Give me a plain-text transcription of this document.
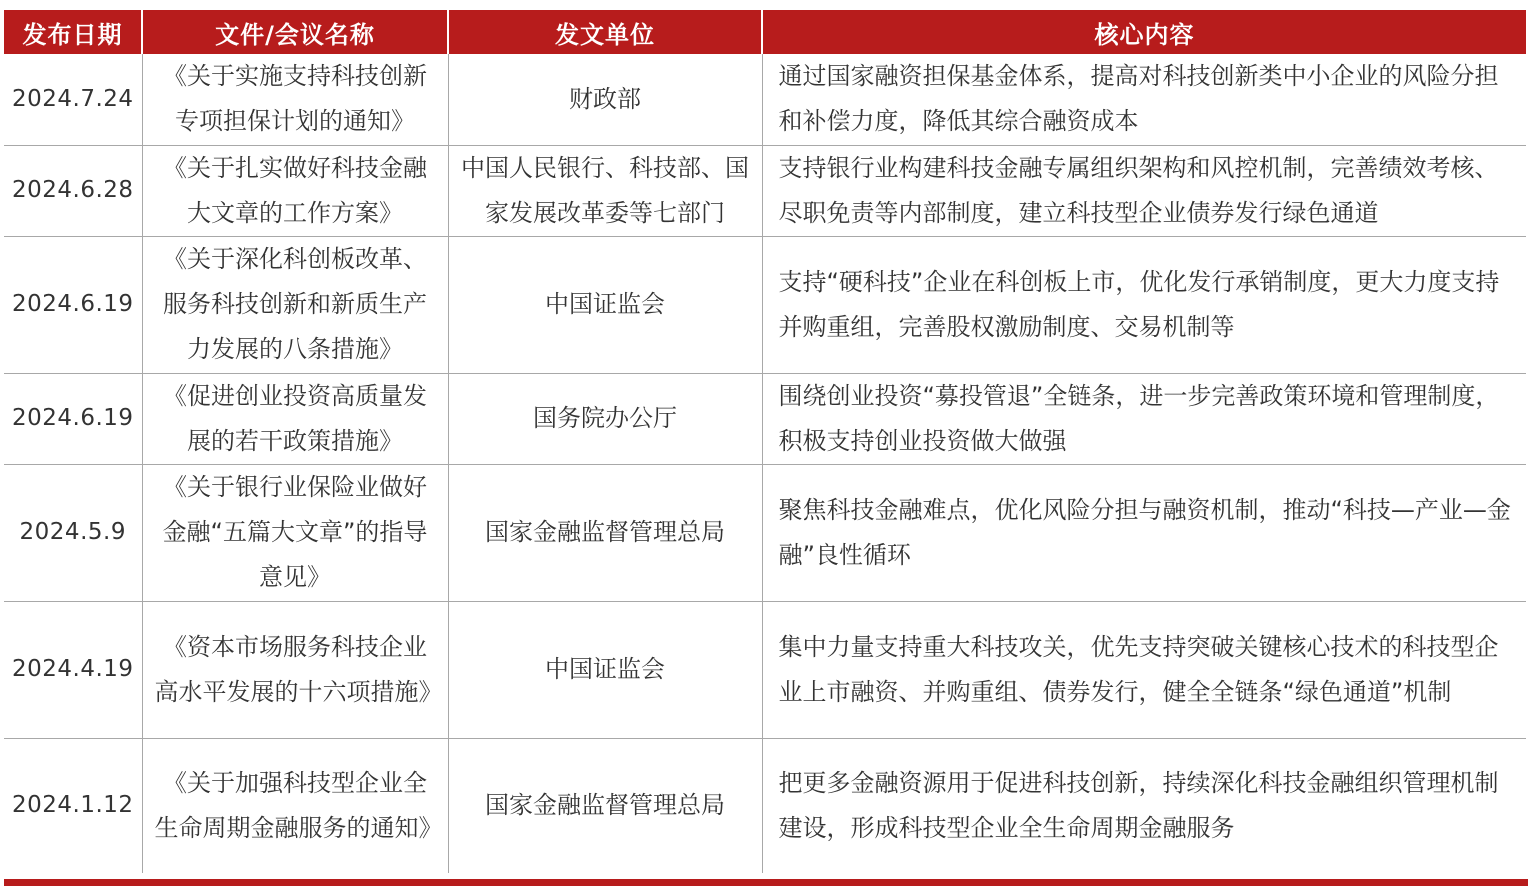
发布日期	文件/会议名称	发文单位	核心内容
2024.7.24	《关于实施支持科技创新专项担保计划的通知》	财政部	通过国家融资担保基金体系，提高对科技创新类中小企业的风险分担和补偿力度，降低其综合融资成本
2024.6.28	《关于扎实做好科技金融大文章的工作方案》	中国人民银行、科技部、国家发展改革委等七部门	支持银行业构建科技金融专属组织架构和风控机制，完善绩效考核、尽职免责等内部制度，建立科技型企业债券发行绿色通道
2024.6.19	《关于深化科创板改革、服务科技创新和新质生产力发展的八条措施》	中国证监会	支持“硬科技”企业在科创板上市，优化发行承销制度，更大力度支持并购重组，完善股权激励制度、交易机制等
2024.6.19	《促进创业投资高质量发展的若干政策措施》	国务院办公厅	围绕创业投资“募投管退”全链条，进一步完善政策环境和管理制度，积极支持创业投资做大做强
2024.5.9	《关于银行业保险业做好金融“五篇大文章”的指导意见》	国家金融监督管理总局	聚焦科技金融难点，优化风险分担与融资机制，推动“科技—产业—金融”良性循环
2024.4.19	《资本市场服务科技企业高水平发展的十六项措施》	中国证监会	集中力量支持重大科技攻关，优先支持突破关键核心技术的科技型企业上市融资、并购重组、债券发行，健全全链条“绿色通道”机制
2024.1.12	《关于加强科技型企业全生命周期金融服务的通知》	国家金融监督管理总局	把更多金融资源用于促进科技创新，持续深化科技金融组织管理机制建设，形成科技型企业全生命周期金融服务
